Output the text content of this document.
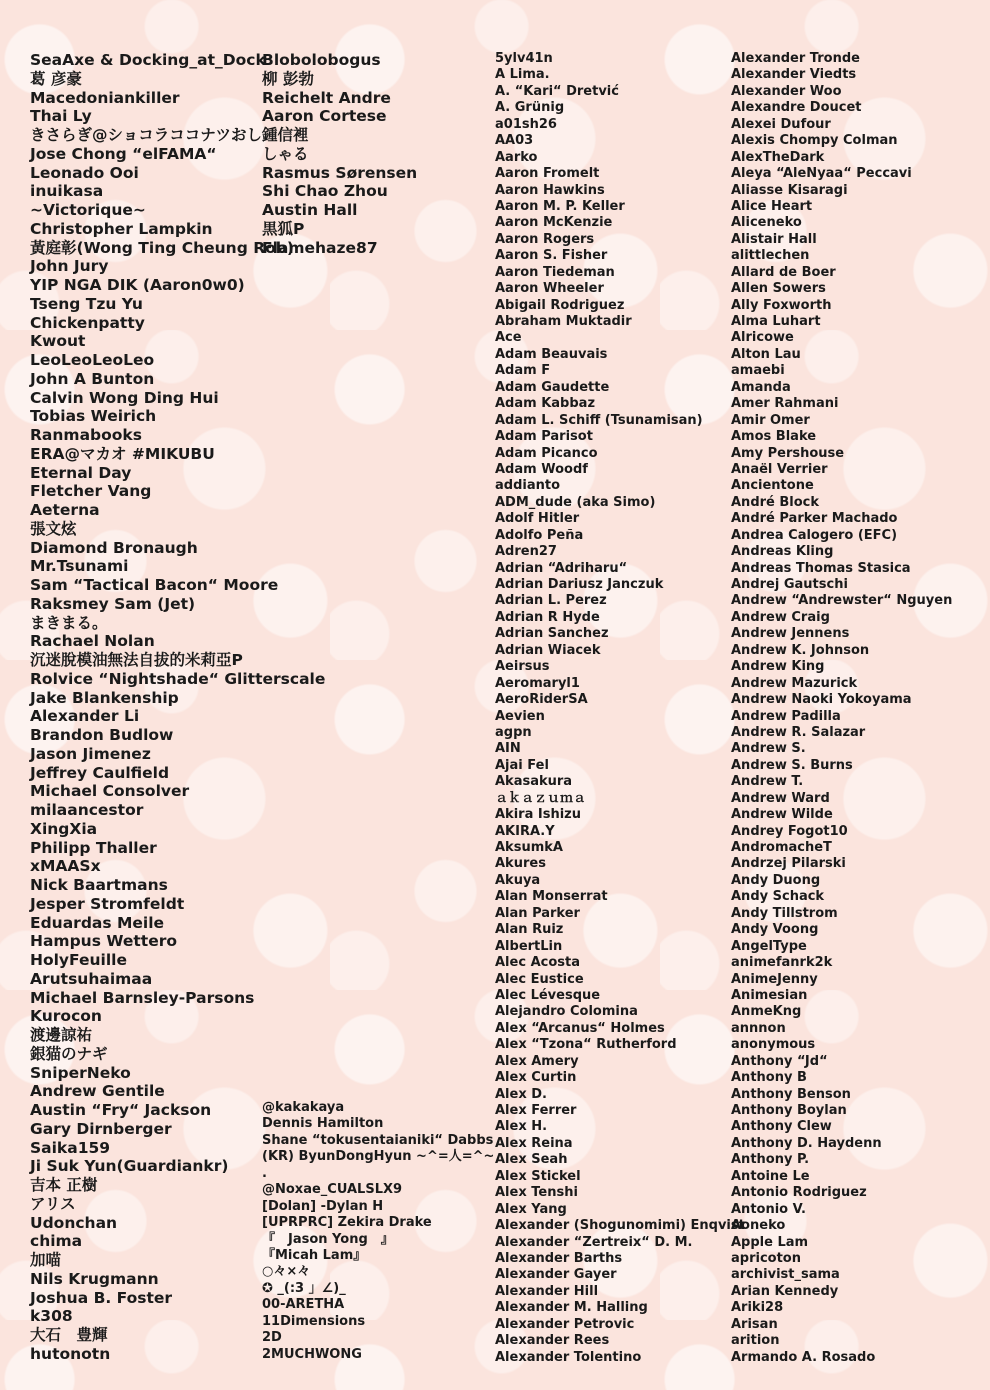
SeaAxe & Docking_at_Dock
葛 彦豪
Macedoniankiller
Thai Ly
きさらぎ@ショコラココナツおし
Jose Chong “elFAMA“
Leonado Ooi
inuikasa
~Victorique~
Christopher Lampkin
黃庭彰(Wong Ting Cheung Rob)
John Jury
YIP NGA DIK (Aaron0w0)
Tseng Tzu Yu
Chickenpatty
Kwout
LeoLeoLeoLeo
John A Bunton
Calvin Wong Ding Hui
Tobias Weirich
Ranmabooks
ERA@マカオ #MIKUBU
Eternal Day
Fletcher Vang
Aeterna
張文炫
Diamond Bronaugh
Mr.Tsunami
Sam “Tactical Bacon“ Moore
Raksmey Sam (Jet)
まきまる。
Rachael Nolan
沉迷脫模油無法自拔的米莉亞P
Rolvice “Nightshade“ Glitterscale
Jake Blankenship
Alexander Li
Brandon Budlow
Jason Jimenez
Jeffrey Caulfield
Michael Consolver
milaancestor
XingXia
Philipp Thaller
xMAASx
Nick Baartmans
Jesper Stromfeldt
Eduardas Meile
Hampus Wettero
HolyFeuille
Arutsuhaimaa
Michael Barnsley-Parsons
Kurocon
渡邊諒祐
銀猫のナギ
SniperNeko
Andrew Gentile
Austin “Fry“ Jackson
Gary Dirnberger
Saika159
Ji Suk Yun(Guardiankr)
吉本 正樹
アリス
Udonchan
chima
加喵
Nils Krugmann
Joshua B. Foster
k308
大石　豊輝
hutonotn
Blobolobogus
柳 彭勃
Reichelt Andre
Aaron Cortese
鍾信裡
しゃる
Rasmus Sørensen
Shi Chao Zhou
Austin Hall
黒狐P
Flamehaze87
@kakakaya
Dennis Hamilton
Shane “tokusentaianiki“ Dabbs
(KR) ByunDongHyun ~^=人=^~
.
@Noxae_CUALSLX9
[Dolan] -Dylan H
[UPRPRC] Zekira Drake
『　Jason Yong　』
『Micah Lam』
○々×々
✪ _(:3 」∠)_
00-ARETHA
11Dimensions
2D
2MUCHWONG
5ylv41n
A Lima.
A. “Kari“ Dretvić
A. Grünig
a01sh26
AA03
Aarko
Aaron Fromelt
Aaron Hawkins
Aaron M. P. Keller
Aaron McKenzie
Aaron Rogers
Aaron S. Fisher
Aaron Tiedeman
Aaron Wheeler
Abigail Rodriguez
Abraham Muktadir
Ace
Adam Beauvais
Adam F
Adam Gaudette
Adam Kabbaz
Adam L. Schiff (Tsunamisan)
Adam Parisot
Adam Picanco
Adam Woodf
addianto
ADM_dude (aka Simo)
Adolf Hitler
Adolfo Peña
Adren27
Adrian “Adriharu“
Adrian Dariusz Janczuk
Adrian L. Perez
Adrian R Hyde
Adrian Sanchez
Adrian Wiacek
Aeirsus
Aeromaryl1
AeroRiderSA
Aevien
agpn
AIN
Ajai Fel
Akasakura
ａｋａｚｕｍａ
Akira Ishizu
AKIRA.Y
AksumkA
Akures
Akuya
Alan Monserrat
Alan Parker
Alan Ruiz
AlbertLin
Alec Acosta
Alec Eustice
Alec Lévesque
Alejandro Colomina
Alex “Arcanus“ Holmes
Alex “Tzona“ Rutherford
Alex Amery
Alex Curtin
Alex D.
Alex Ferrer
Alex H.
Alex Reina
Alex Seah
Alex Stickel
Alex Tenshi
Alex Yang
Alexander (Shogunomimi) Enqvist
Alexander “Zertreix“ D. M.
Alexander Barths
Alexander Gayer
Alexander Hill
Alexander M. Halling
Alexander Petrovic
Alexander Rees
Alexander Tolentino
Alexander Tronde
Alexander Viedts
Alexander Woo
Alexandre Doucet
Alexei Dufour
Alexis Chompy Colman
AlexTheDark
Aleya “AleNyaa“ Peccavi
Aliasse Kisaragi
Alice Heart
Aliceneko
Alistair Hall
alittlechen
Allard de Boer
Allen Sowers
Ally Foxworth
Alma Luhart
Alricowe
Alton Lau
amaebi
Amanda
Amer Rahmani
Amir Omer
Amos Blake
Amy Pershouse
Anaël Verrier
Ancientone
André Block
André Parker Machado
Andrea Calogero (EFC)
Andreas Kling
Andreas Thomas Stasica
Andrej Gautschi
Andrew “Andrewster“ Nguyen
Andrew Craig
Andrew Jennens
Andrew K. Johnson
Andrew King
Andrew Mazurick
Andrew Naoki Yokoyama
Andrew Padilla
Andrew R. Salazar
Andrew S.
Andrew S. Burns
Andrew T.
Andrew Ward
Andrew Wilde
Andrey Fogot10
AndromacheT
Andrzej Pilarski
Andy Duong
Andy Schack
Andy Tillstrom
Andy Voong
AngelType
animefanrk2k
AnimeJenny
Animesian
AnmeKng
annnon
anonymous
Anthony “Jd“
Anthony B
Anthony Benson
Anthony Boylan
Anthony Clew
Anthony D. Haydenn
Anthony P.
Antoine Le
Antonio Rodriguez
Antonio V.
Aoneko
Apple Lam
apricoton
archivist_sama
Arian Kennedy
Ariki28
Arisan
arition
Armando A. Rosado
